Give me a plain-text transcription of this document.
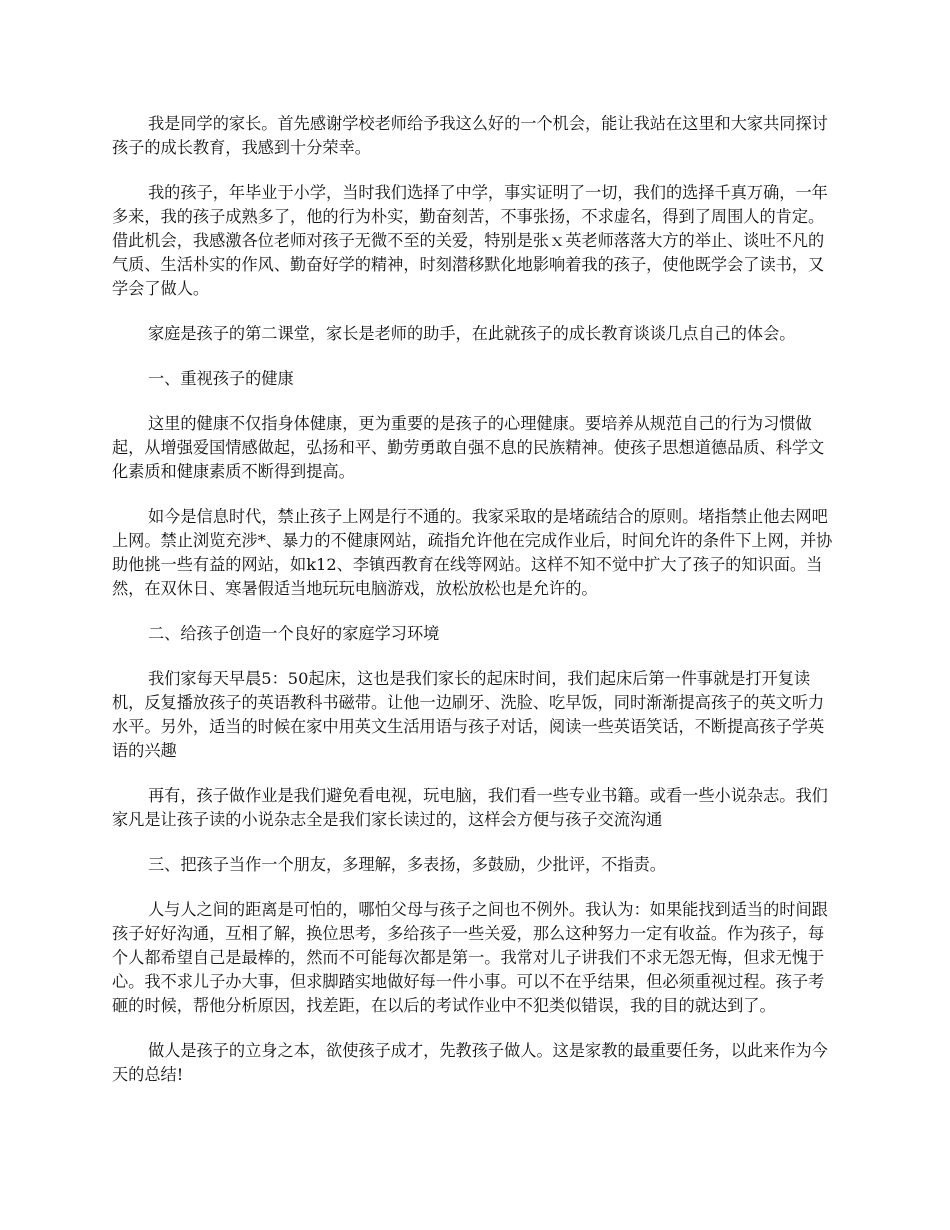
我是同学的家长。首先感谢学校老师给予我这么好的一个机会，能让我站在这里和大家共同探讨孩子的成长教育，我感到十分荣幸。

我的孩子，年毕业于小学，当时我们选择了中学，事实证明了一切，我们的选择千真万确，一年多来，我的孩子成熟多了，他的行为朴实，勤奋刻苦，不事张扬，不求虚名，得到了周围人的肯定。借此机会，我感激各位老师对孩子无微不至的关爱，特别是张ｘ英老师落落大方的举止、谈吐不凡的气质、生活朴实的作风、勤奋好学的精神，时刻潜移默化地影响着我的孩子，使他既学会了读书，又学会了做人。

家庭是孩子的第二课堂，家长是老师的助手，在此就孩子的成长教育谈谈几点自己的体会。

一、重视孩子的健康

这里的健康不仅指身体健康，更为重要的是孩子的心理健康。要培养从规范自己的行为习惯做起，从增强爱国情感做起，弘扬和平、勤劳勇敢自强不息的民族精神。使孩子思想道德品质、科学文化素质和健康素质不断得到提高。

如今是信息时代，禁止孩子上网是行不通的。我家采取的是堵疏结合的原则。堵指禁止他去网吧上网。禁止浏览充涉*、暴力的不健康网站，疏指允许他在完成作业后，时间允许的条件下上网，并协助他挑一些有益的网站，如k12、李镇西教育在线等网站。这样不知不觉中扩大了孩子的知识面。当然，在双休日、寒暑假适当地玩玩电脑游戏，放松放松也是允许的。

二、给孩子创造一个良好的家庭学习环境

我们家每天早晨5：50起床，这也是我们家长的起床时间，我们起床后第一件事就是打开复读机，反复播放孩子的英语教科书磁带。让他一边刷牙、洗脸、吃早饭，同时渐渐提高孩子的英文听力水平。另外，适当的时候在家中用英文生活用语与孩子对话，阅读一些英语笑话，不断提高孩子学英语的兴趣

再有，孩子做作业是我们避免看电视，玩电脑，我们看一些专业书籍。或看一些小说杂志。我们家凡是让孩子读的小说杂志全是我们家长读过的，这样会方便与孩子交流沟通

三、把孩子当作一个朋友，多理解，多表扬，多鼓励，少批评，不指责。

人与人之间的距离是可怕的，哪怕父母与孩子之间也不例外。我认为：如果能找到适当的时间跟孩子好好沟通，互相了解，换位思考，多给孩子一些关爱，那么这种努力一定有收益。作为孩子，每个人都希望自己是最棒的，然而不可能每次都是第一。我常对儿子讲我们不求无怨无悔，但求无愧于心。我不求儿子办大事，但求脚踏实地做好每一件小事。可以不在乎结果，但必须重视过程。孩子考砸的时候，帮他分析原因，找差距，在以后的考试作业中不犯类似错误，我的目的就达到了。

做人是孩子的立身之本，欲使孩子成才，先教孩子做人。这是家教的最重要任务，以此来作为今天的总结!
